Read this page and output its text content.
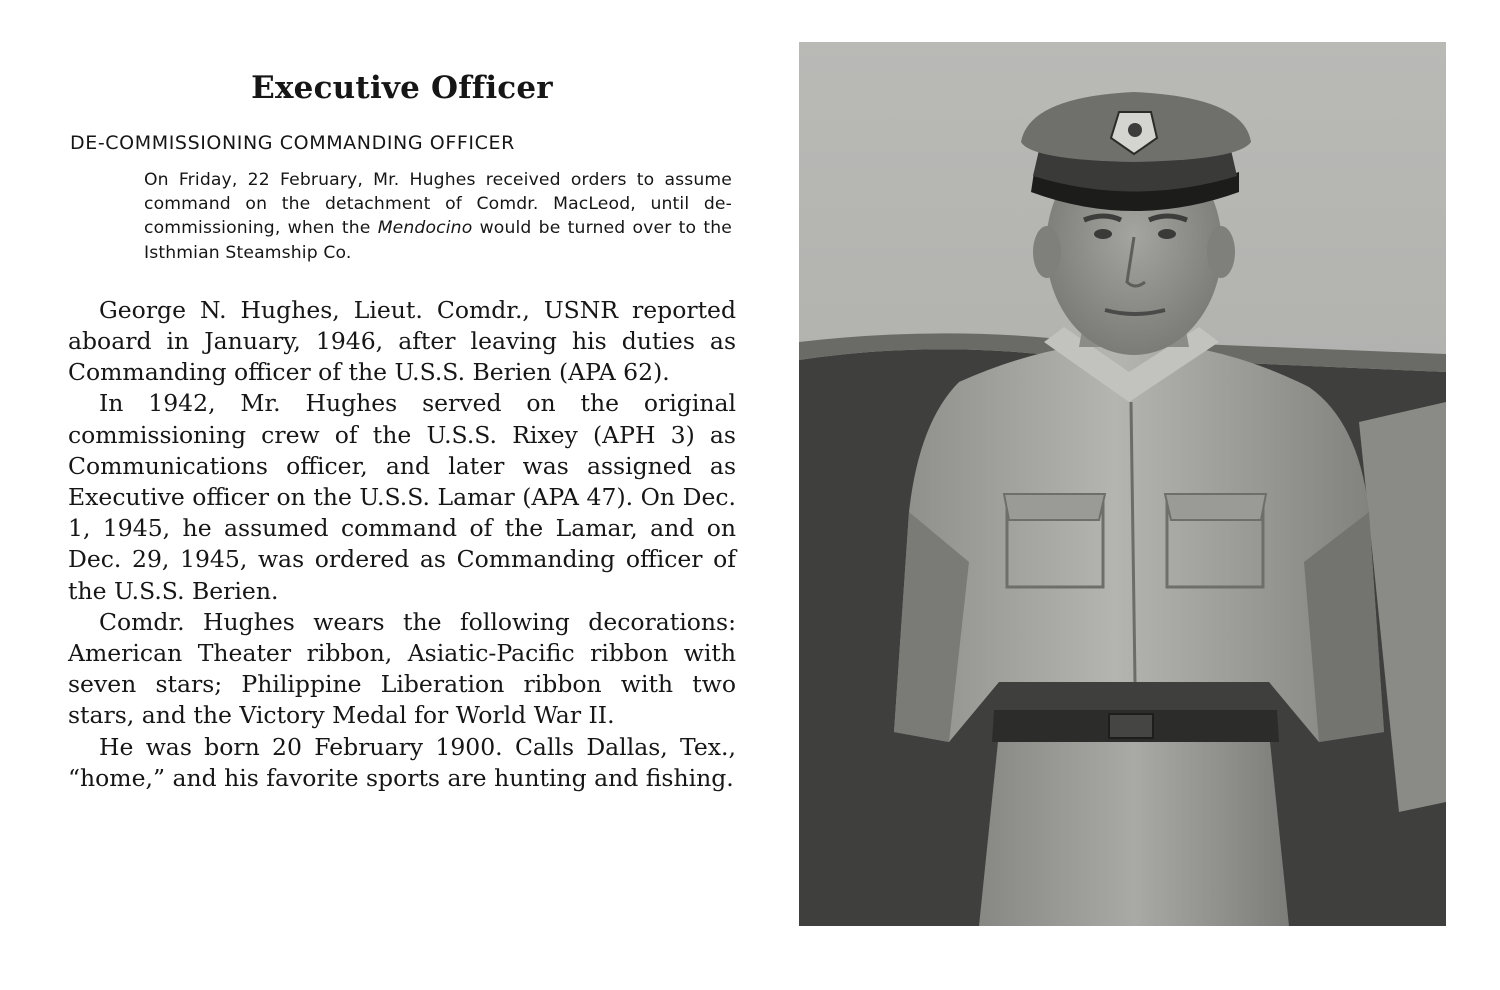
Executive Officer
DE-COMMISSIONING COMMANDING OFFICER

On Friday, 22 February, Mr. Hughes received orders to assume command on the detachment of Comdr. MacLeod, until de-commissioning, when the Mendocino would be turned over to the Isthmian Steamship Co.

George N. Hughes, Lieut. Comdr., USNR reported aboard in January, 1946, after leaving his duties as Commanding officer of the U.S.S. Berien (APA 62).

In 1942, Mr. Hughes served on the original commissioning crew of the U.S.S. Rixey (APH 3) as Communications officer, and later was assigned as Executive officer on the U.S.S. Lamar (APA 47). On Dec. 1, 1945, he assumed command of the Lamar, and on Dec. 29, 1945, was ordered as Commanding officer of the U.S.S. Berien.

Comdr. Hughes wears the following decorations: American Theater ribbon, Asiatic-Pacific ribbon with seven stars; Philippine Liberation ribbon with two stars, and the Victory Medal for World War II.

He was born 20 February 1900. Calls Dallas, Tex., “home,” and his favorite sports are hunting and fishing.
